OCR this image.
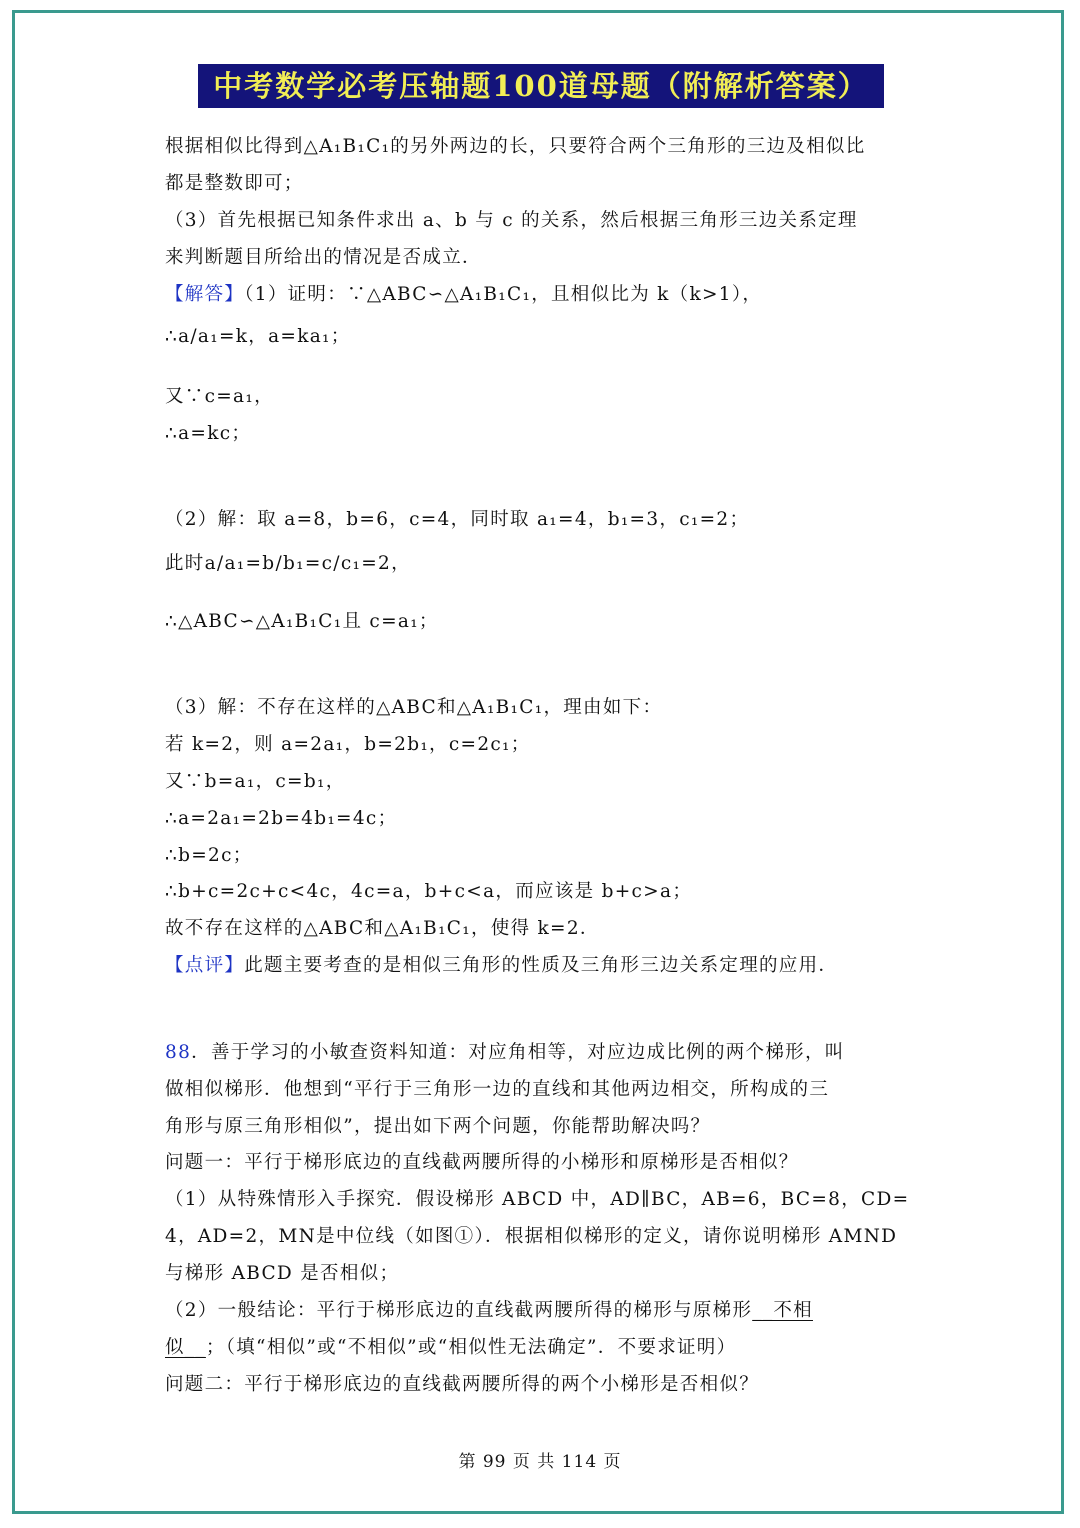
中考数学必考压轴题100道母题（附解析答案）
根据相似比得到△A₁B₁C₁的另外两边的长，只要符合两个三角形的三边及相似比
都是整数即可；
（3）首先根据已知条件求出 a、b 与 c 的关系，然后根据三角形三边关系定理
来判断题目所给出的情况是否成立．
【解答】（1）证明：∵△ABC∽△A₁B₁C₁，且相似比为 k（k>1），
∴a/a₁=k，a=ka₁；
又∵c=a₁，
∴a=kc；
（2）解：取 a=8，b=6，c=4，同时取 a₁=4，b₁=3，c₁=2；
此时a/a₁=b/b₁=c/c₁=2，
∴△ABC∽△A₁B₁C₁且 c=a₁；
（3）解：不存在这样的△ABC和△A₁B₁C₁，理由如下：
若 k=2，则 a=2a₁，b=2b₁，c=2c₁；
又∵b=a₁，c=b₁，
∴a=2a₁=2b=4b₁=4c；
∴b=2c；
∴b+c=2c+c<4c，4c=a，b+c<a，而应该是 b+c>a；
故不存在这样的△ABC和△A₁B₁C₁，使得 k=2．
【点评】此题主要考查的是相似三角形的性质及三角形三边关系定理的应用．
88．善于学习的小敏查资料知道：对应角相等，对应边成比例的两个梯形，叫
做相似梯形．他想到“平行于三角形一边的直线和其他两边相交，所构成的三
角形与原三角形相似”，提出如下两个问题，你能帮助解决吗？
问题一：平行于梯形底边的直线截两腰所得的小梯形和原梯形是否相似？
（1）从特殊情形入手探究．假设梯形 ABCD 中，AD∥BC，AB=6，BC=8，CD=
4，AD=2，MN是中位线（如图①）．根据相似梯形的定义，请你说明梯形 AMND
与梯形 ABCD 是否相似；
（2）一般结论：平行于梯形底边的直线截两腰所得的梯形与原梯形__不相
似__；（填“相似”或“不相似”或“相似性无法确定”．不要求证明）
问题二：平行于梯形底边的直线截两腰所得的两个小梯形是否相似？
第 99 页 共 114 页
